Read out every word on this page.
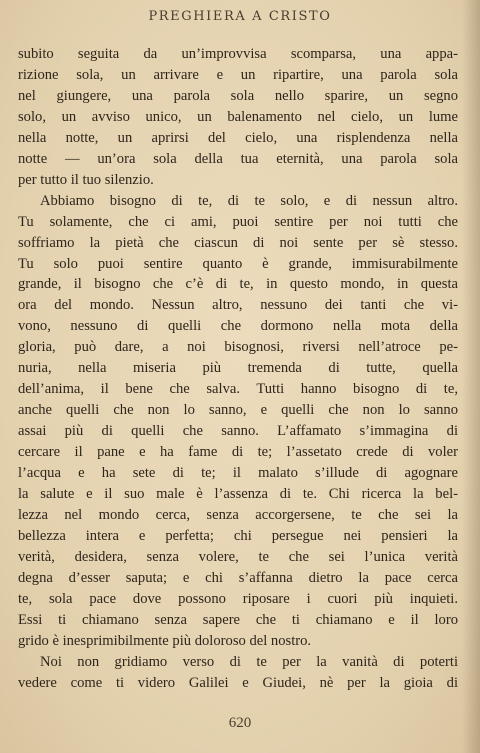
PREGHIERA A CRISTO
subito seguita da un’improvvisa scomparsa, una appa-
rizione sola, un arrivare e un ripartire, una parola sola
nel giungere, una parola sola nello sparire, un segno
solo, un avviso unico, un balenamento nel cielo, un lume
nella notte, un aprirsi del cielo, una risplendenza nella
notte — un’ora sola della tua eternità, una parola sola
per tutto il tuo silenzio.
Abbiamo bisogno di te, di te solo, e di nessun altro.
Tu solamente, che ci ami, puoi sentire per noi tutti che
soffriamo la pietà che ciascun di noi sente per sè stesso.
Tu solo puoi sentire quanto è grande, immisurabilmente
grande, il bisogno che c’è di te, in questo mondo, in questa
ora del mondo. Nessun altro, nessuno dei tanti che vi-
vono, nessuno di quelli che dormono nella mota della
gloria, può dare, a noi bisognosi, riversi nell’atroce pe-
nuria, nella miseria più tremenda di tutte, quella
dell’anima, il bene che salva. Tutti hanno bisogno di te,
anche quelli che non lo sanno, e quelli che non lo sanno
assai più di quelli che sanno. L’affamato s’immagina di
cercare il pane e ha fame di te; l’assetato crede di voler
l’acqua e ha sete di te; il malato s’illude di agognare
la salute e il suo male è l’assenza di te. Chi ricerca la bel-
lezza nel mondo cerca, senza accorgersene, te che sei la
bellezza intera e perfetta; chi persegue nei pensieri la
verità, desidera, senza volere, te che sei l’unica verità
degna d’esser saputa; e chi s’affanna dietro la pace cerca
te, sola pace dove possono riposare i cuori più inquieti.
Essi ti chiamano senza sapere che ti chiamano e il loro
grido è inesprimibilmente più doloroso del nostro.
Noi non gridiamo verso di te per la vanità di poterti
vedere come ti videro Galilei e Giudei, nè per la gioia di
620
